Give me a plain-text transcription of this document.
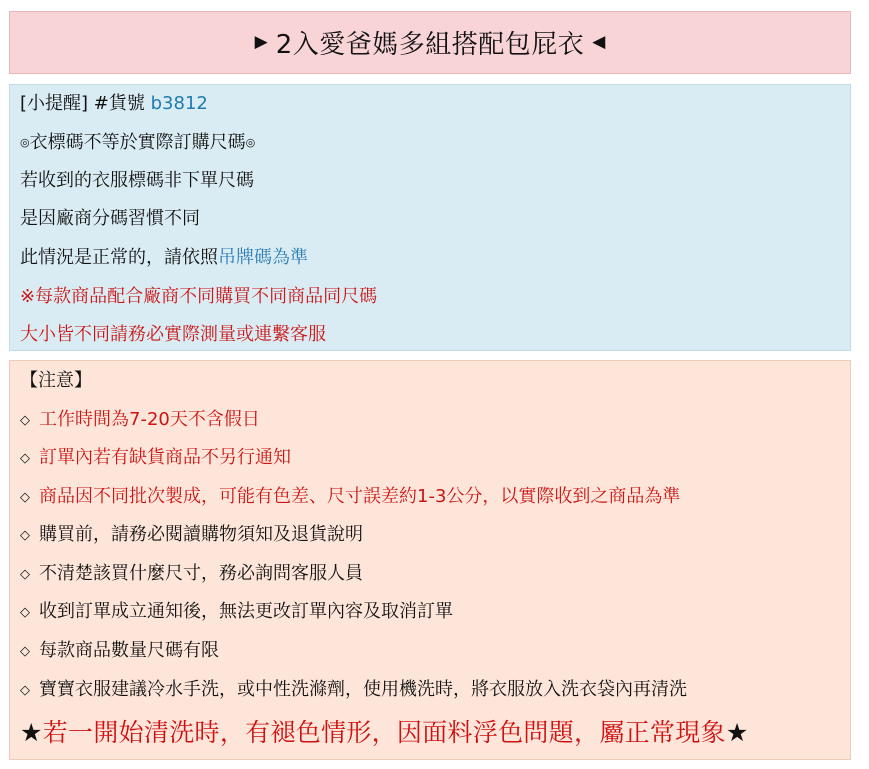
▶ 2入愛爸媽多組搭配包屁衣 ◀
[小提醒] #貨號 b3812
◎衣標碼不等於實際訂購尺碼◎
若收到的衣服標碼非下單尺碼
是因廠商分碼習慣不同
此情況是正常的，請依照吊牌碼為準
※每款商品配合廠商不同購買不同商品同尺碼
大小皆不同請務必實際測量或連繫客服
【注意】
◇ 工作時間為7-20天不含假日
◇ 訂單內若有缺貨商品不另行通知
◇ 商品因不同批次製成，可能有色差、尺寸誤差約1-3公分，以實際收到之商品為準
◇ 購買前，請務必閱讀購物須知及退貨說明
◇ 不清楚該買什麼尺寸，務必詢問客服人員
◇ 收到訂單成立通知後，無法更改訂單內容及取消訂單
◇ 每款商品數量尺碼有限
◇ 寶寶衣服建議冷水手洗，或中性洗滌劑，使用機洗時，將衣服放入洗衣袋內再清洗
★若一開始清洗時，有褪色情形，因面料浮色問題，屬正常現象★
